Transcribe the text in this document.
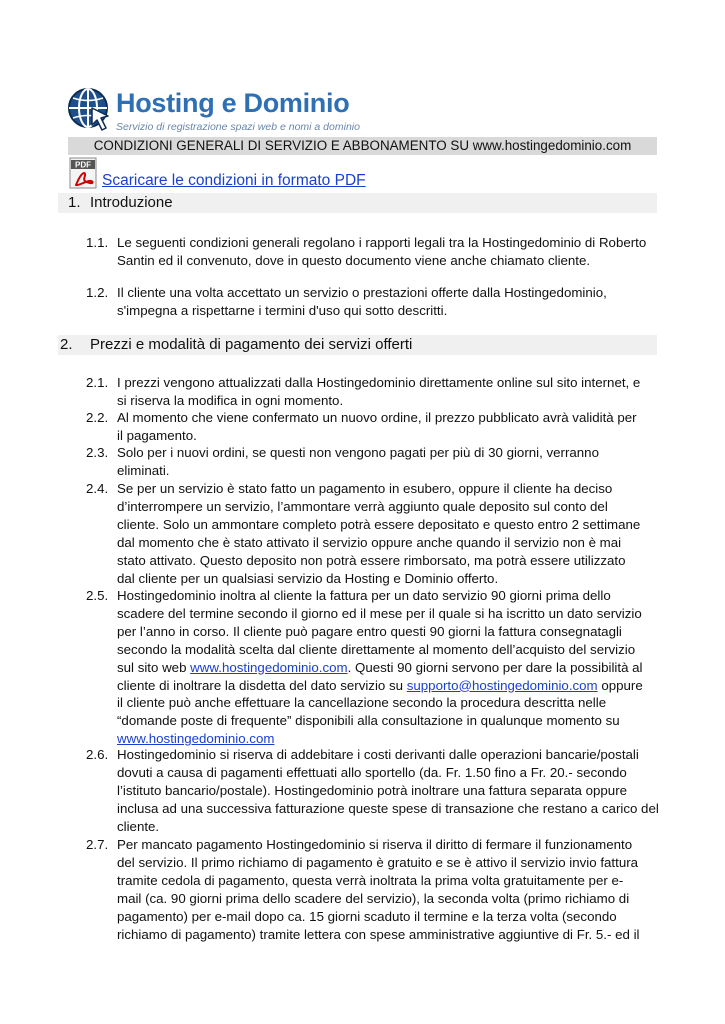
Hosting e Dominio
Servizio di registrazione spazi web e nomi a dominio
CONDIZIONI GENERALI DI SERVIZIO E ABBONAMENTO SU www.hostingedominio.com
PDF
Scaricare le condizioni in formato PDF
1. Introduzione
1.1. Le seguenti condizioni generali regolano i rapporti legali tra la Hostingedominio di Roberto
Santin ed il convenuto, dove in questo documento viene anche chiamato cliente.
1.2. Il cliente una volta accettato un servizio o prestazioni offerte dalla Hostingedominio,
s'impegna a rispettarne i termini d'uso qui sotto descritti.
2. Prezzi e modalità di pagamento dei servizi offerti
2.1. I prezzi vengono attualizzati dalla Hostingedominio direttamente online sul sito internet, e
si riserva la modifica in ogni momento.
2.2. Al momento che viene confermato un nuovo ordine, il prezzo pubblicato avrà validità per
il pagamento.
2.3. Solo per i nuovi ordini, se questi non vengono pagati per più di 30 giorni, verranno
eliminati.
2.4. Se per un servizio è stato fatto un pagamento in esubero, oppure il cliente ha deciso
d’interrompere un servizio, l’ammontare verrà aggiunto quale deposito sul conto del
cliente. Solo un ammontare completo potrà essere depositato e questo entro 2 settimane
dal momento che è stato attivato il servizio oppure anche quando il servizio non è mai
stato attivato. Questo deposito non potrà essere rimborsato, ma potrà essere utilizzato
dal cliente per un qualsiasi servizio da Hosting e Dominio offerto.
2.5. Hostingedominio inoltra al cliente la fattura per un dato servizio 90 giorni prima dello
scadere del termine secondo il giorno ed il mese per il quale si ha iscritto un dato servizio
per l’anno in corso. Il cliente può pagare entro questi 90 giorni la fattura consegnatagli
secondo la modalità scelta dal cliente direttamente al momento dell’acquisto del servizio
sul sito web www.hostingedominio.com. Questi 90 giorni servono per dare la possibilità al
cliente di inoltrare la disdetta del dato servizio su supporto@hostingedominio.com oppure
il cliente può anche effettuare la cancellazione secondo la procedura descritta nelle
“domande poste di frequente” disponibili alla consultazione in qualunque momento su
www.hostingedominio.com
2.6. Hostingedominio si riserva di addebitare i costi derivanti dalle operazioni bancarie/postali
dovuti a causa di pagamenti effettuati allo sportello (da. Fr. 1.50 fino a Fr. 20.- secondo
l’istituto bancario/postale). Hostingedominio potrà inoltrare una fattura separata oppure
inclusa ad una successiva fatturazione queste spese di transazione che restano a carico del
cliente.
2.7. Per mancato pagamento Hostingedominio si riserva il diritto di fermare il funzionamento
del servizio. Il primo richiamo di pagamento è gratuito e se è attivo il servizio invio fattura
tramite cedola di pagamento, questa verrà inoltrata la prima volta gratuitamente per e-
mail (ca. 90 giorni prima dello scadere del servizio), la seconda volta (primo richiamo di
pagamento) per e-mail dopo ca. 15 giorni scaduto il termine e la terza volta (secondo
richiamo di pagamento) tramite lettera con spese amministrative aggiuntive di Fr. 5.- ed il
